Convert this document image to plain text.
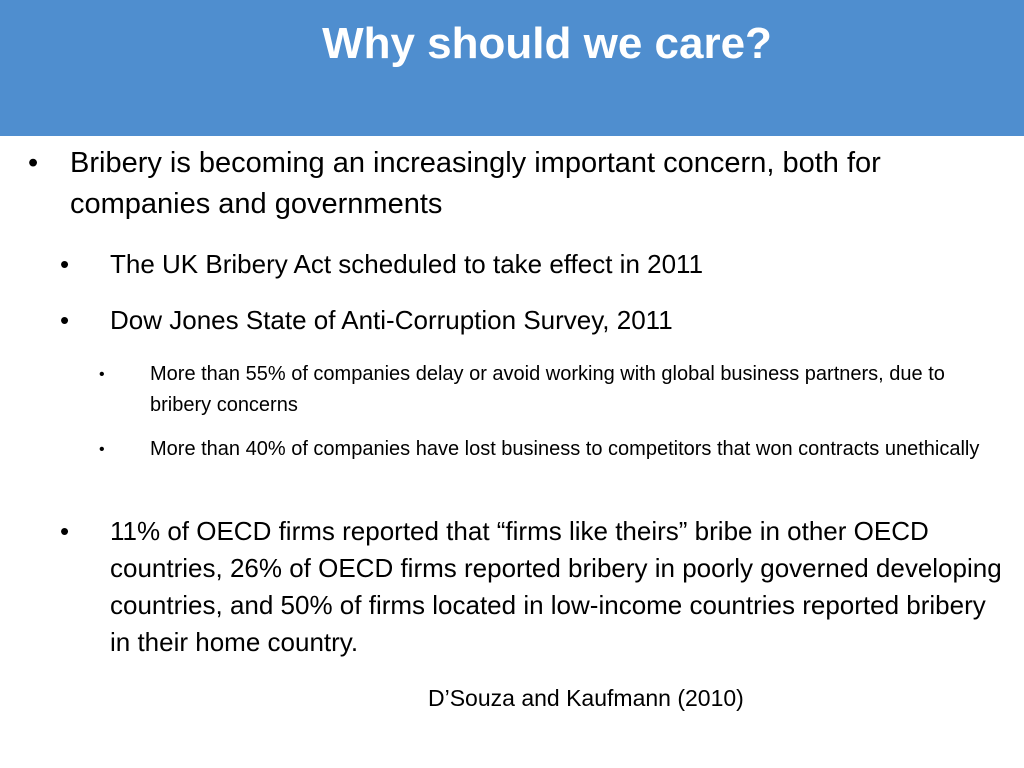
Why should we care?
• Bribery is becoming an increasingly important concern, both for companies and governments
• The UK Bribery Act scheduled to take effect in 2011
• Dow Jones State of Anti-Corruption Survey, 2011
• More than 55% of companies delay or avoid working with global business partners, due to bribery concerns
• More than 40% of companies have lost business to competitors that won contracts unethically
• 11% of OECD firms reported that “firms like theirs” bribe in other OECD countries, 26% of OECD firms reported bribery in poorly governed developing countries, and 50% of firms located in low-income countries reported bribery in their home country.

D’Souza and Kaufmann (2010)
